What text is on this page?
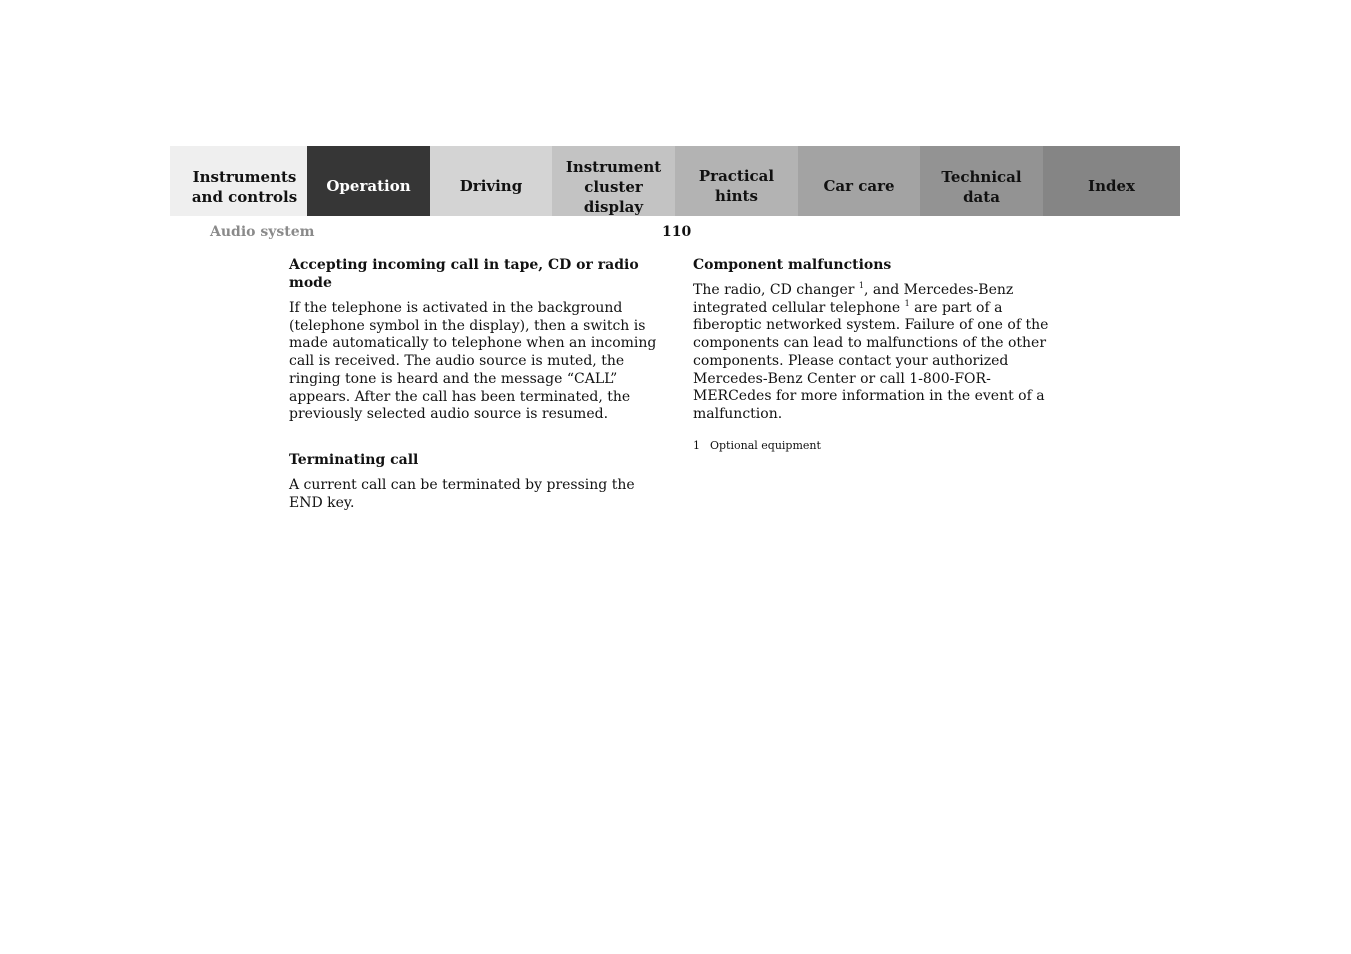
Instruments
and controls
Operation	Driving
Instrument
cluster display
Practical hints
Car care	Technical
data
Index
Audio system	110
Accepting incoming call in tape, CD or radio mode

If the telephone is activated in the background (telephone symbol in the display), then a switch is made automatically to telephone when an incoming call is received. The audio source is muted, the ringing tone is heard and the message “CALL” appears. After the call has been terminated, the previously selected audio source is resumed.

Terminating call

A current call can be terminated by pressing the END key.

Component malfunctions

The radio, CD changer $^1$, and Mercedes-Benz integrated cellular telephone $^1$ are part of a fiberoptic networked system. Failure of one of the components can lead to malfunctions of the other components. Please contact your authorized Mercedes-Benz Center or call 1-800-FOR-MERCedes for more information in the event of a malfunction.

1 Optional equipment
